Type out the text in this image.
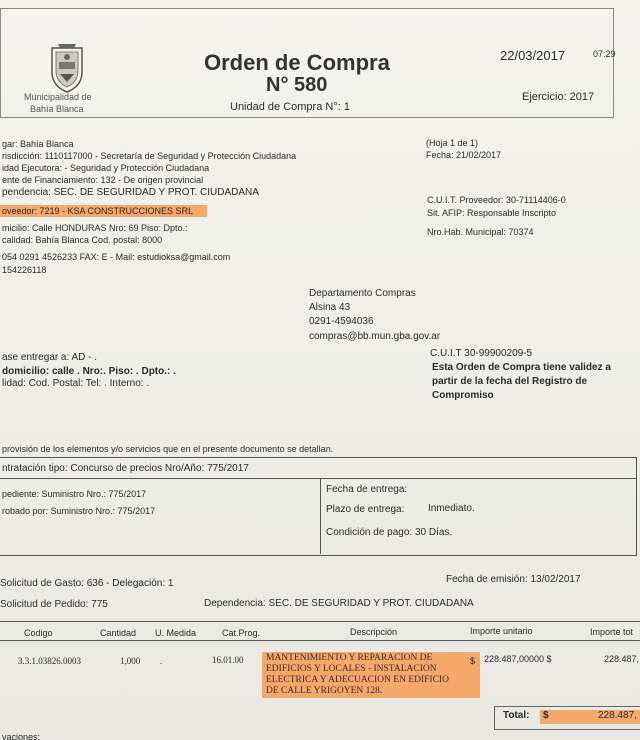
Municipalidad de
Bahía Blanca
Orden de Compra
N° 580
Unidad de Compra N°: 1
22/03/2017	07:29
Ejercicio: 2017
gar: Bahía Blanca
risdicción: 1110117000 - Secretaría de Seguridad y Protección Ciudadana
idad Ejecutora: - Seguridad y Protección Ciudadana
ente de Financiamiento: 132 - De origen provincial
pendencia: SEC. DE SEGURIDAD Y PROT. CIUDADANA
(Hoja 1 de 1)
Fecha: 21/02/2017
oveedor: 7219 - KSA CONSTRUCCIONES SRL
C.U.I.T. Proveedor: 30-71114406-0
Sit. AFIP: Responsable Inscripto
micilio: Calle HONDURAS Nro: 69 Piso: Dpto.:
calidad: Bahía Blanca Cod. postal: 8000
Nro.Hab. Municipal: 70374
054 0291 4526233 FAX: E - Mail: estudioksa@gmail.com
154226118
Departamento Compras
Alsina 43
0291-4594036
compras@bb.mun.gba.gov.ar
ase entregar a: AD - .
domicilio: calle . Nro:. Piso: . Dpto.: .
lidad: Cod. Postal: Tel: . Interno: .
C.U.I.T 30-99900209-5
Esta Orden de Compra tiene validez a
partir de la fecha del Registro de
Compromiso
provisión de los elementos y/o servicios que en el presente documento se detallan.
ntratación tipo: Concurso de precios Nro/Año: 775/2017
pediente: Suministro Nro.: 775/2017
robado por: Suministro Nro.: 775/2017
Fecha de entrega:
Plazo de entrega: Inmediato.
Condición de pago: 30 Días.
Solicitud de Gasto: 636 - Delegación: 1
Solicitud de Pedido: 775
Fecha de emisión: 13/02/2017
Dependencia: SEC. DE SEGURIDAD Y PROT. CIUDADANA
Codigo	Cantidad U. Medida	Cat.Prog.	Descripción	Importe unitario	Importe tot
3.3.1.03826.0003	1,000 .	16.01.00 MANTENIMIENTO Y REPARACION DE
EDIFICIOS Y LOCALES - INSTALACION
ELECTRICA Y ADECUACION EN EDIFICIO
DE CALLE YRIGOYEN 128.
$ 228.487,00000 $	228.487,
Total: $	228.487,
vaciones:
